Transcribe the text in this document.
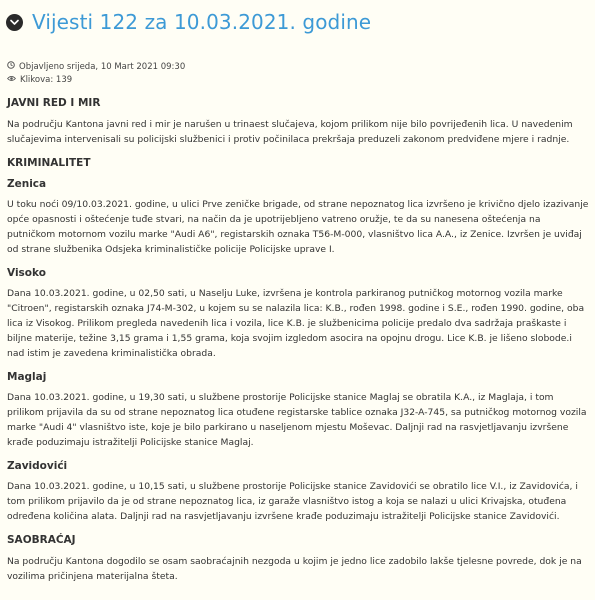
Vijesti 122 za 10.03.2021. godine
Objavljeno srijeda, 10 Mart 2021 09:30
Klikova: 139
JAVNI RED I MIR

Na području Kantona javni red i mir je narušen u trinaest slučajeva, kojom prilikom nije bilo povrijeđenih lica. U navedenim slučajevima intervenisali su policijski službenici i protiv počinilaca prekršaja preduzeli zakonom predviđene mjere i radnje.

KRIMINALITET
Zenica

U toku noći 09/10.03.2021. godine, u ulici Prve zeničke brigade, od strane nepoznatog lica izvršeno je krivično djelo izazivanje opće opasnosti i oštećenje tuđe stvari, na način da je upotrijebljeno vatreno oružje, te da su nanesena oštećenja na putničkom motornom vozilu marke "Audi A6", registarskih oznaka T56-M-000, vlasništvo lica A.A., iz Zenice. Izvršen je uviđaj od strane službenika Odsjeka kriminalističke policije Policijske uprave I.

Visoko

Dana 10.03.2021. godine, u 02,50 sati, u Naselju Luke, izvršena je kontrola parkiranog putničkog motornog vozila marke "Citroen", registarskih oznaka J74-M-302, u kojem su se nalazila lica: K.B., rođen 1998. godine i S.E., rođen 1990. godine, oba lica iz Visokog. Prilikom pregleda navedenih lica i vozila, lice K.B. je službenicima policije predalo dva sadržaja praškaste i biljne materije, težine 3,15 grama i 1,55 grama, koja svojim izgledom asocira na opojnu drogu. Lice K.B. je lišeno slobode.i nad istim je zavedena kriminalistička obrada.

Maglaj

Dana 10.03.2021. godine, u 19,30 sati, u službene prostorije Policijske stanice Maglaj se obratila K.A., iz Maglaja, i tom prilikom prijavila da su od strane nepoznatog lica otuđene registarske tablice oznaka J32-A-745, sa putničkog motornog vozila marke "Audi 4" vlasništvo iste, koje je bilo parkirano u naseljenom mjestu Moševac. Daljnji rad na rasvjetljavanju izvršene krađe poduzimaju istražitelji Policijske stanice Maglaj.

Zavidovići

Dana 10.03.2021. godine, u 10,15 sati, u službene prostorije Policijske stanice Zavidovići se obratilo lice V.I., iz Zavidovića, i tom prilikom prijavilo da je od strane nepoznatog lica, iz garaže vlasništvo istog a koja se nalazi u ulici Krivajska, otuđena određena količina alata. Daljnji rad na rasvjetljavanju izvršene krađe poduzimaju istražitelji Policijske stanice Zavidovići.

SAOBRAĆAJ

Na području Kantona dogodilo se osam saobraćajnih nezgoda u kojim je jedno lice zadobilo lakše tjelesne povrede, dok je na vozilima pričinjena materijalna šteta.
